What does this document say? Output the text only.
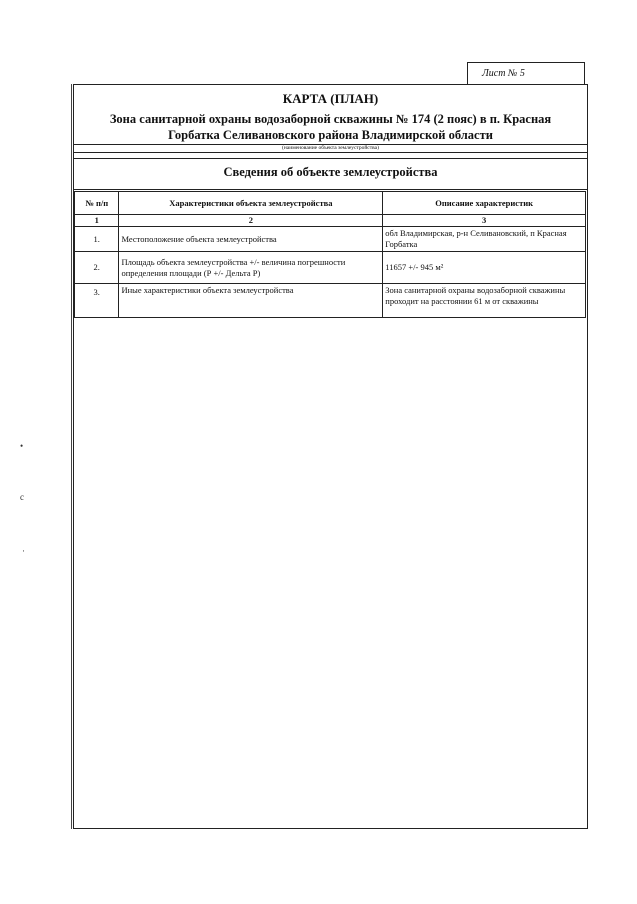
Лист № 5
КАРТА (ПЛАН)
Зона санитарной охраны водозаборной скважины № 174 (2 пояс) в п. Красная
Горбатка Селивановского района Владимирской области
(наименование объекта землеустройства)
Сведения об объекте землеустройства
№ п/п	Характеристики объекта землеустройства	Описание характеристик
1	2	3
1.	Местоположение объекта землеустройства	обл Владимирская, р-н Селивановский, п Красная Горбатка
2.	Площадь объекта землеустройства +/- величина погрешности определения площади (Р +/- Дельта Р)	11657 +/- 945 м²
3.	Иные характеристики объекта землеустройства	Зона санитарной охраны водозаборной скважины проходит на расстоянии 61 м от скважины
•
c
·
